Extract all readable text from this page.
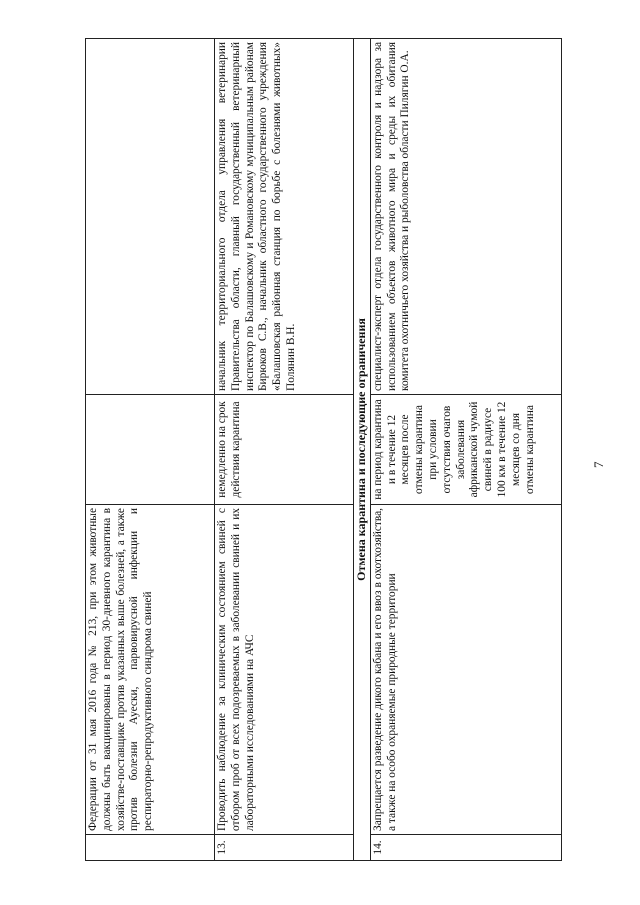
7
	Федерации от 31 мая 2016 года № 213, при этом животные должны быть вакцинированы в период 30-дневного карантина в хозяйстве-поставщике против указанных выше болезней, а также против болезни Ауески, парвовирусной инфекции и респираторно-репродуктивного синдрома свиней		
13.	Проводить наблюдение за клиническим состоянием свиней с отбором проб от всех подозреваемых в заболевании свиней и их лабораторными исследованиями на АЧС	немедленно на срок действия карантина	начальник территориального отдела управления ветеринарии Правительства области, главный государственный ветеринарный инспектор по Балашовскому и Романовскому муниципальным районам Бирюков С.В., начальник областного государственного учреждения «Балашовская районная станция по борьбе с болезнями животных» Полянин В.Н.
Отмена карантина и последующие ограничения			
14.	Запрещается разведение дикого кабана и его ввоз в охотхозяйства, а также на особо охраняемые природные территории	на период карантина и в течение 12 месяцев после отмены карантина при условии отсутствия очагов заболевания африканской чумой свиней в радиусе 100 км в течение 12 месяцев со дня отмены карантина	специалист-эксперт отдела государственного контроля и надзора за использованием объектов животного мира и среды их обитания комитета охотничьего хозяйства и рыболовства области Пилягин О.А.
